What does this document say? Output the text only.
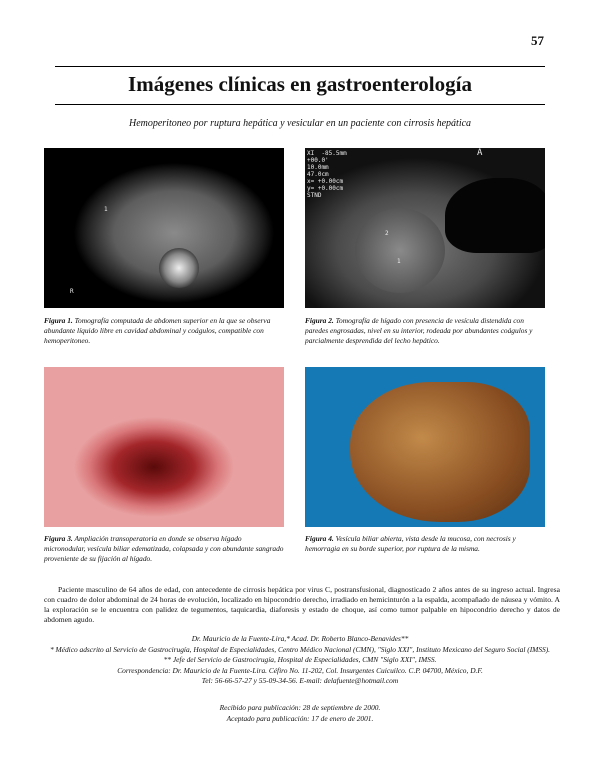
57
Imágenes clínicas en gastroenterología
Hemoperitoneo por ruptura hepática y vesicular en un paciente con cirrosis hepática
1
R
XI  -85.5mm
+00.0'
10.0mm
47.0cm
x= +0.00cm
y= +0.00cm
STND
2
1
A
Figura 1. Tomografía computada de abdomen superior en la que se observa abundante líquido libre en cavidad abdominal y coágulos, compatible con hemoperitoneo.
Figura 2. Tomografía de hígado con presencia de vesícula distendida con paredes engrosadas, nivel en su interior, rodeada por abundantes coágulos y parcialmente desprendida del lecho hepático.
Figura 3. Ampliación transoperatoria en donde se observa hígado micronodular, vesícula biliar edematizada, colapsada y con abundante sangrado proveniente de su fijación al hígado.
Figura 4. Vesícula biliar abierta, vista desde la mucosa, con necrosis y hemorragia en su borde superior, por ruptura de la misma.
Paciente masculino de 64 años de edad, con antecedente de cirrosis hepática por virus C, postransfusional, diagnosticado 2 años antes de su ingreso actual. Ingresa con cuadro de dolor abdominal de 24 horas de evolución, localizado en hipocondrio derecho, irradiado en hemicinturón a la espalda, acompañado de náusea y vómito. A la exploración se le encuentra con palidez de tegumentos, taquicardia, diaforesis y estado de choque, así como tumor palpable en hipocondrio derecho y datos de abdomen agudo.
Dr. Mauricio de la Fuente-Lira,* Acad. Dr. Roberto Blanco-Benavides**
* Médico adscrito al Servicio de Gastrocirugía, Hospital de Especialidades, Centro Médico Nacional (CMN), "Siglo XXI", Instituto Mexicano del Seguro Social (IMSS).
** Jefe del Servicio de Gastrocirugía, Hospital de Especialidades, CMN "Siglo XXI", IMSS.
Correspondencia: Dr. Mauricio de la Fuente-Lira. Céfiro No. 11-202, Col. Insurgentes Cuicuilco. C.P. 04700, México, D.F.
Tel: 56-66-57-27 y 55-09-34-56. E-mail: delafuente@hotmail.com
Recibido para publicación: 28 de septiembre de 2000.
Aceptado para publicación: 17 de enero de 2001.
